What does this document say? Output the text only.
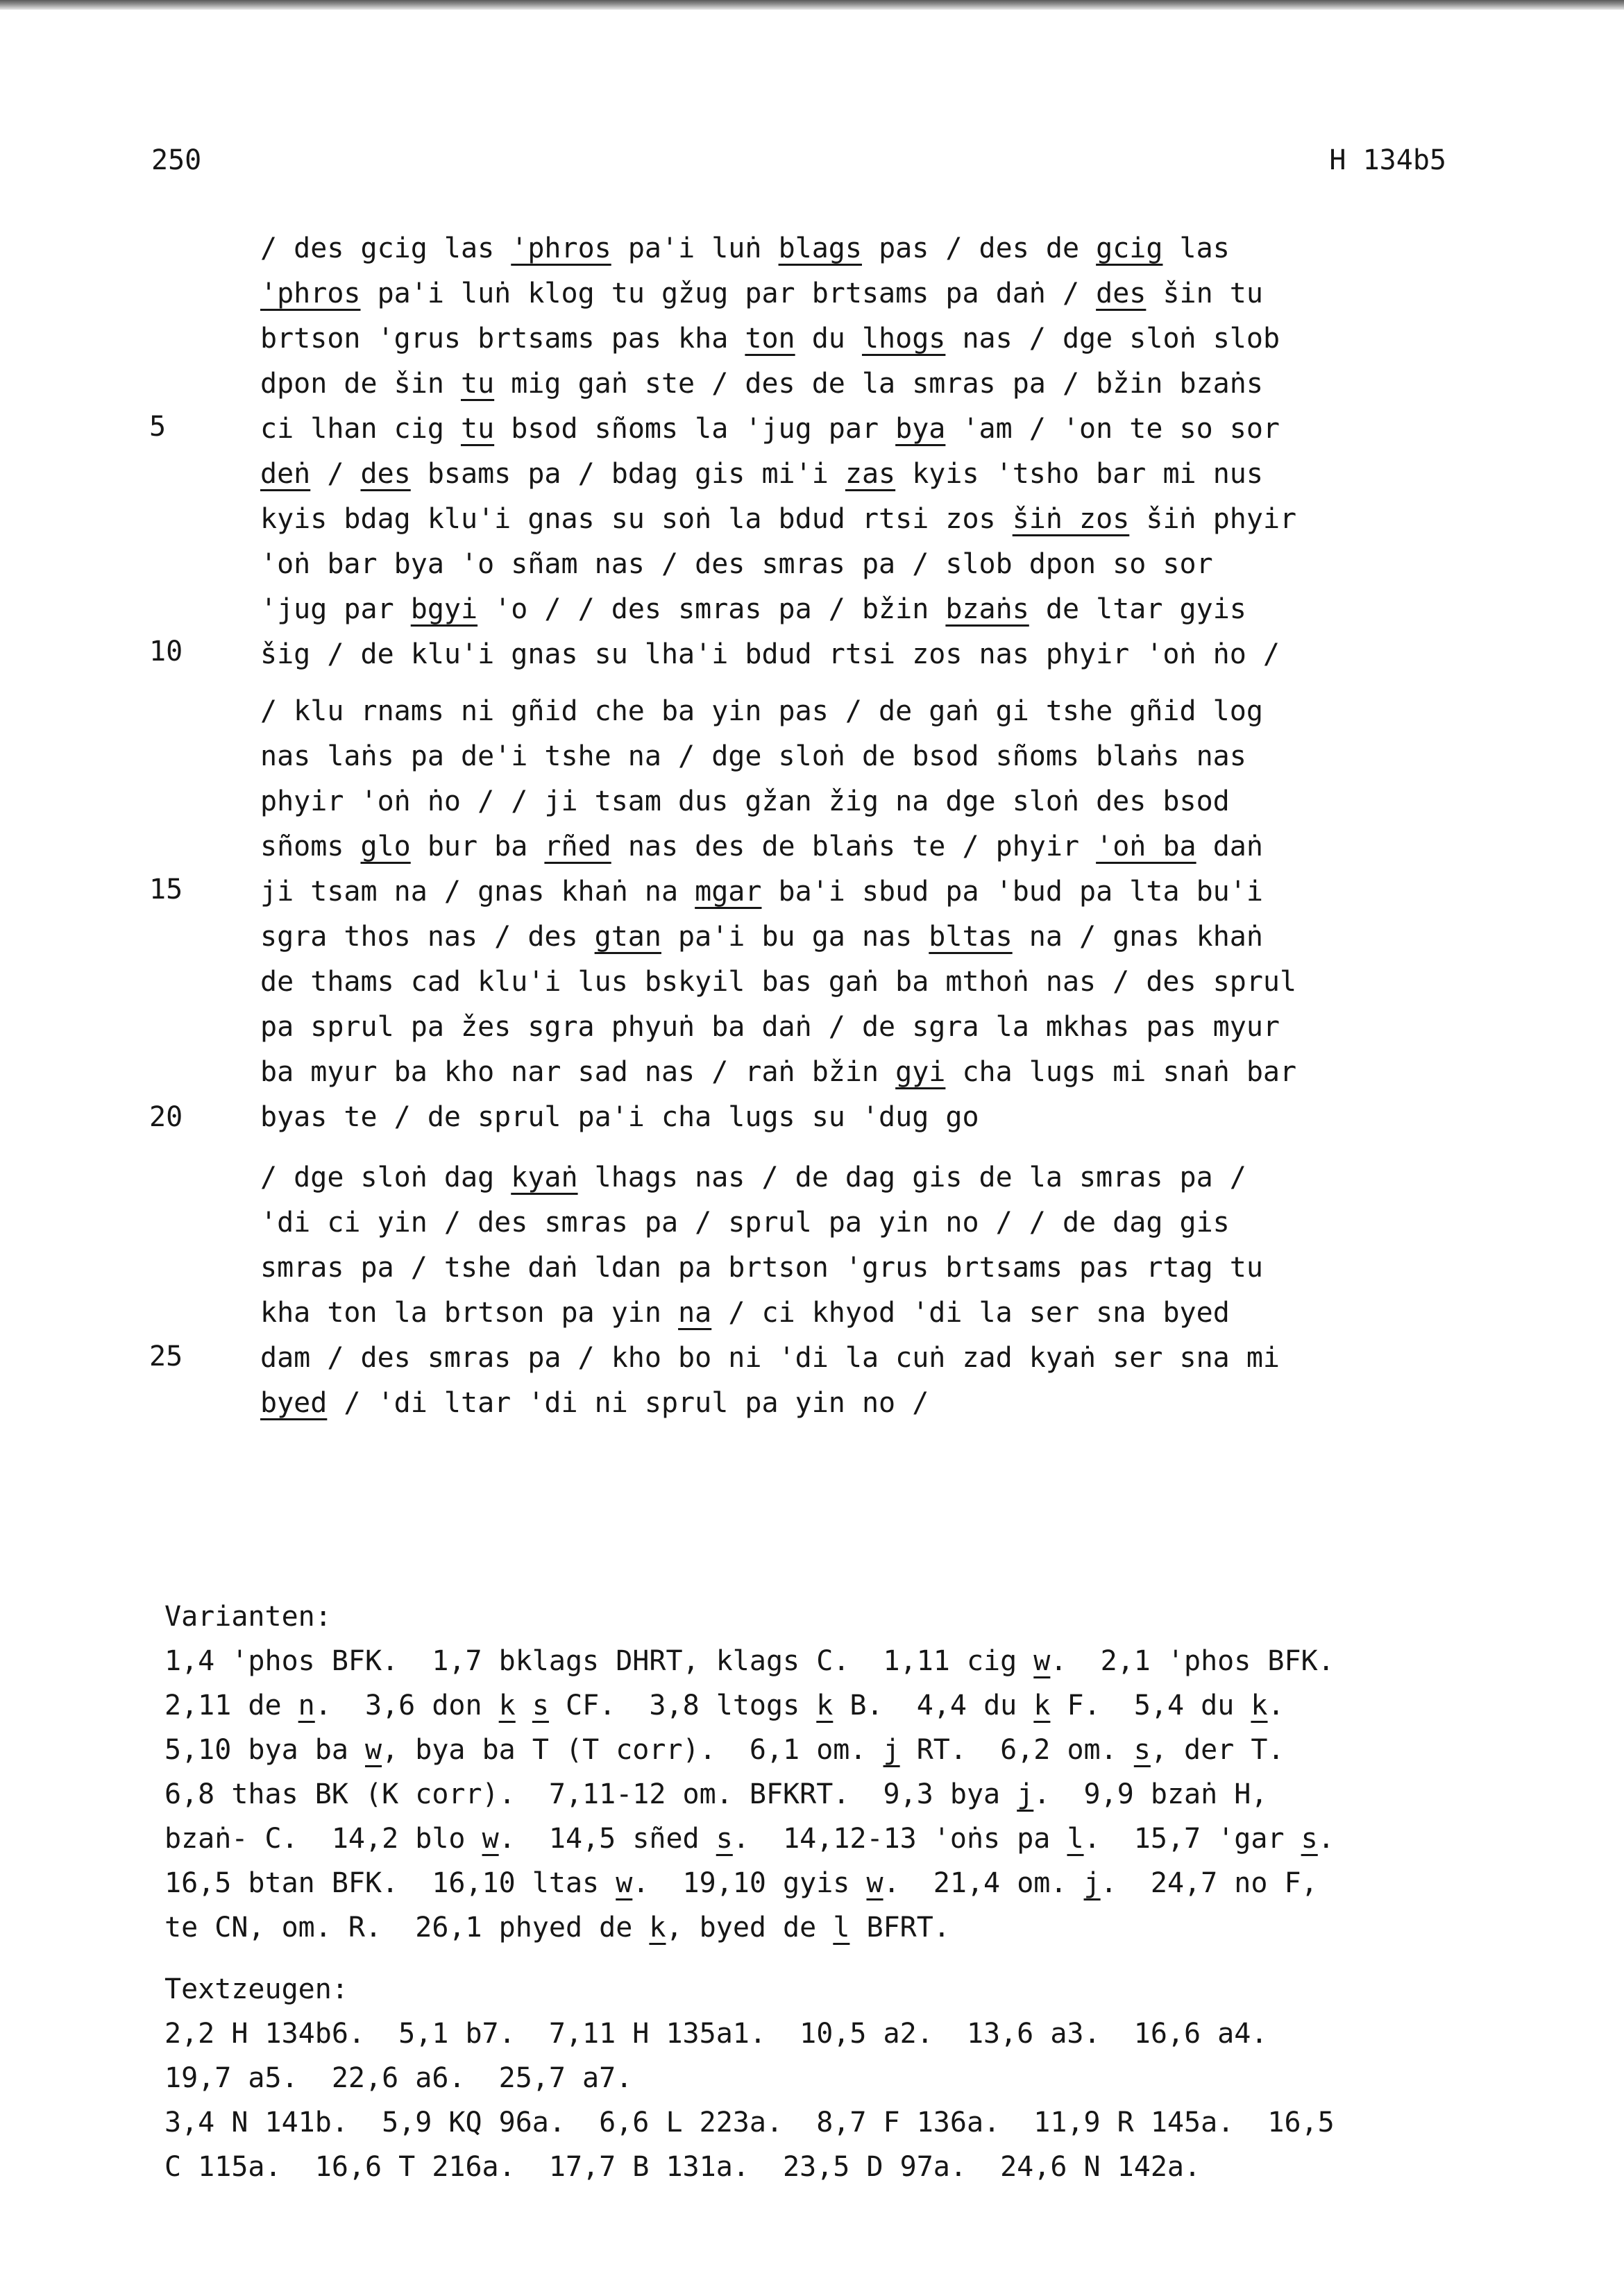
250	H 134b5
5
10
15
20
25
/ des gcig las 'phros pa'i luṅ blags pas / des de gcig las
'phros pa'i luṅ klog tu gžug par brtsams pa daṅ / des šin tu
brtson 'grus brtsams pas kha ton du lhogs nas / dge sloṅ slob
dpon de šin tu mig gaṅ ste / des de la smras pa / bžin bzaṅs
ci lhan cig tu bsod sñoms la 'jug par bya 'am / 'on te so sor
deṅ / des bsams pa / bdag gis mi'i zas kyis 'tsho bar mi nus
kyis bdag klu'i gnas su soṅ la bdud rtsi zos šiṅ zos šiṅ phyir
'oṅ bar bya 'o sñam nas / des smras pa / slob dpon so sor
'jug par bgyi 'o / / des smras pa / bžin bzaṅs de ltar gyis
šig / de klu'i gnas su lha'i bdud rtsi zos nas phyir 'oṅ ṅo /
/ klu rnams ni gñid che ba yin pas / de gaṅ gi tshe gñid log
nas laṅs pa de'i tshe na / dge sloṅ de bsod sñoms blaṅs nas
phyir 'oṅ ṅo / / ji tsam dus gžan žig na dge sloṅ des bsod
sñoms glo bur ba rñed nas des de blaṅs te / phyir 'oṅ ba daṅ
ji tsam na / gnas khaṅ na mgar ba'i sbud pa 'bud pa lta bu'i
sgra thos nas / des gtan pa'i bu ga nas bltas na / gnas khaṅ
de thams cad klu'i lus bskyil bas gaṅ ba mthoṅ nas / des sprul
pa sprul pa žes sgra phyuṅ ba daṅ / de sgra la mkhas pas myur
ba myur ba kho nar sad nas / raṅ bžin gyi cha lugs mi snaṅ bar
byas te / de sprul pa'i cha lugs su 'dug go
/ dge sloṅ dag kyaṅ lhags nas / de dag gis de la smras pa /
'di ci yin / des smras pa / sprul pa yin no / / de dag gis
smras pa / tshe daṅ ldan pa brtson 'grus brtsams pas rtag tu
kha ton la brtson pa yin na / ci khyod 'di la ser sna byed
dam / des smras pa / kho bo ni 'di la cuṅ zad kyaṅ ser sna mi
byed / 'di ltar 'di ni sprul pa yin no /
Varianten:
1,4 'phos BFK.  1,7 bklags DHRT, klags C.  1,11 cig w.  2,1 'phos BFK.
2,11 de n.  3,6 don k s CF.  3,8 ltogs k B.  4,4 du k F.  5,4 du k.
5,10 bya ba w, bya ba T (T corr).  6,1 om. j RT.  6,2 om. s, der T.
6,8 thas BK (K corr).  7,11-12 om. BFKRT.  9,3 bya j.  9,9 bzaṅ H,
bzaṅ- C.  14,2 blo w.  14,5 sñed s.  14,12-13 'oṅs pa l.  15,7 'gar s.
16,5 btan BFK.  16,10 ltas w.  19,10 gyis w.  21,4 om. j.  24,7 no F,
te CN, om. R.  26,1 phyed de k, byed de l BFRT.
Textzeugen:
2,2 H 134b6.  5,1 b7.  7,11 H 135a1.  10,5 a2.  13,6 a3.  16,6 a4.
19,7 a5.  22,6 a6.  25,7 a7.
3,4 N 141b.  5,9 KQ 96a.  6,6 L 223a.  8,7 F 136a.  11,9 R 145a.  16,5
C 115a.  16,6 T 216a.  17,7 B 131a.  23,5 D 97a.  24,6 N 142a.
